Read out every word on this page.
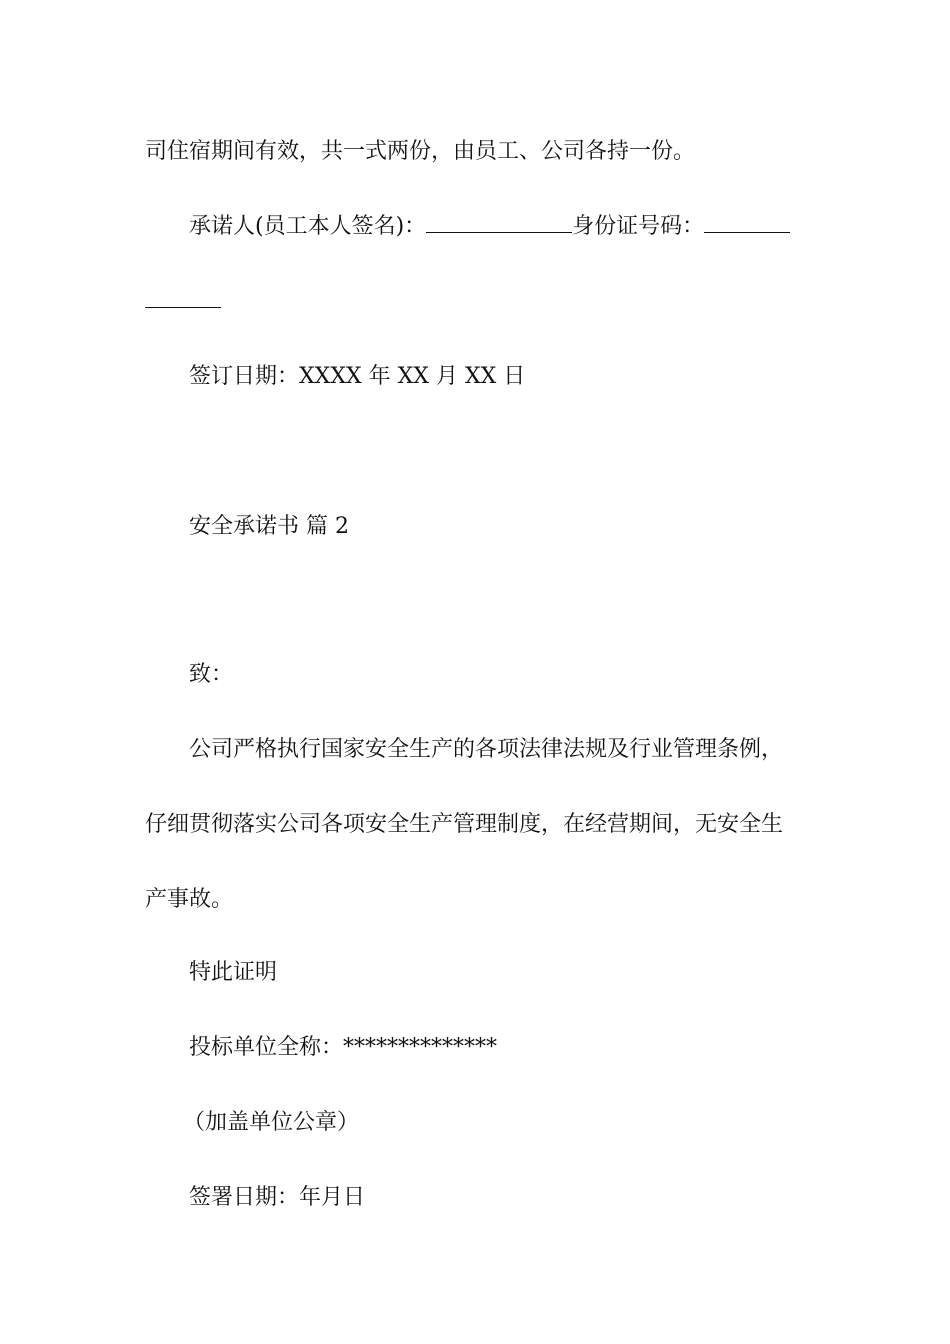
司住宿期间有效，共一式两份，由员工、公司各持一份。
承诺人(员工本人签名)：	身份证号码：
签订日期：XXXX 年 XX 月 XX 日
安全承诺书 篇 2
致：
公司严格执行国家安全生产的各项法律法规及行业管理条例，
仔细贯彻落实公司各项安全生产管理制度，在经营期间，无安全生
产事故。
特此证明
投标单位全称：**************
（加盖单位公章）
签署日期：年月日
